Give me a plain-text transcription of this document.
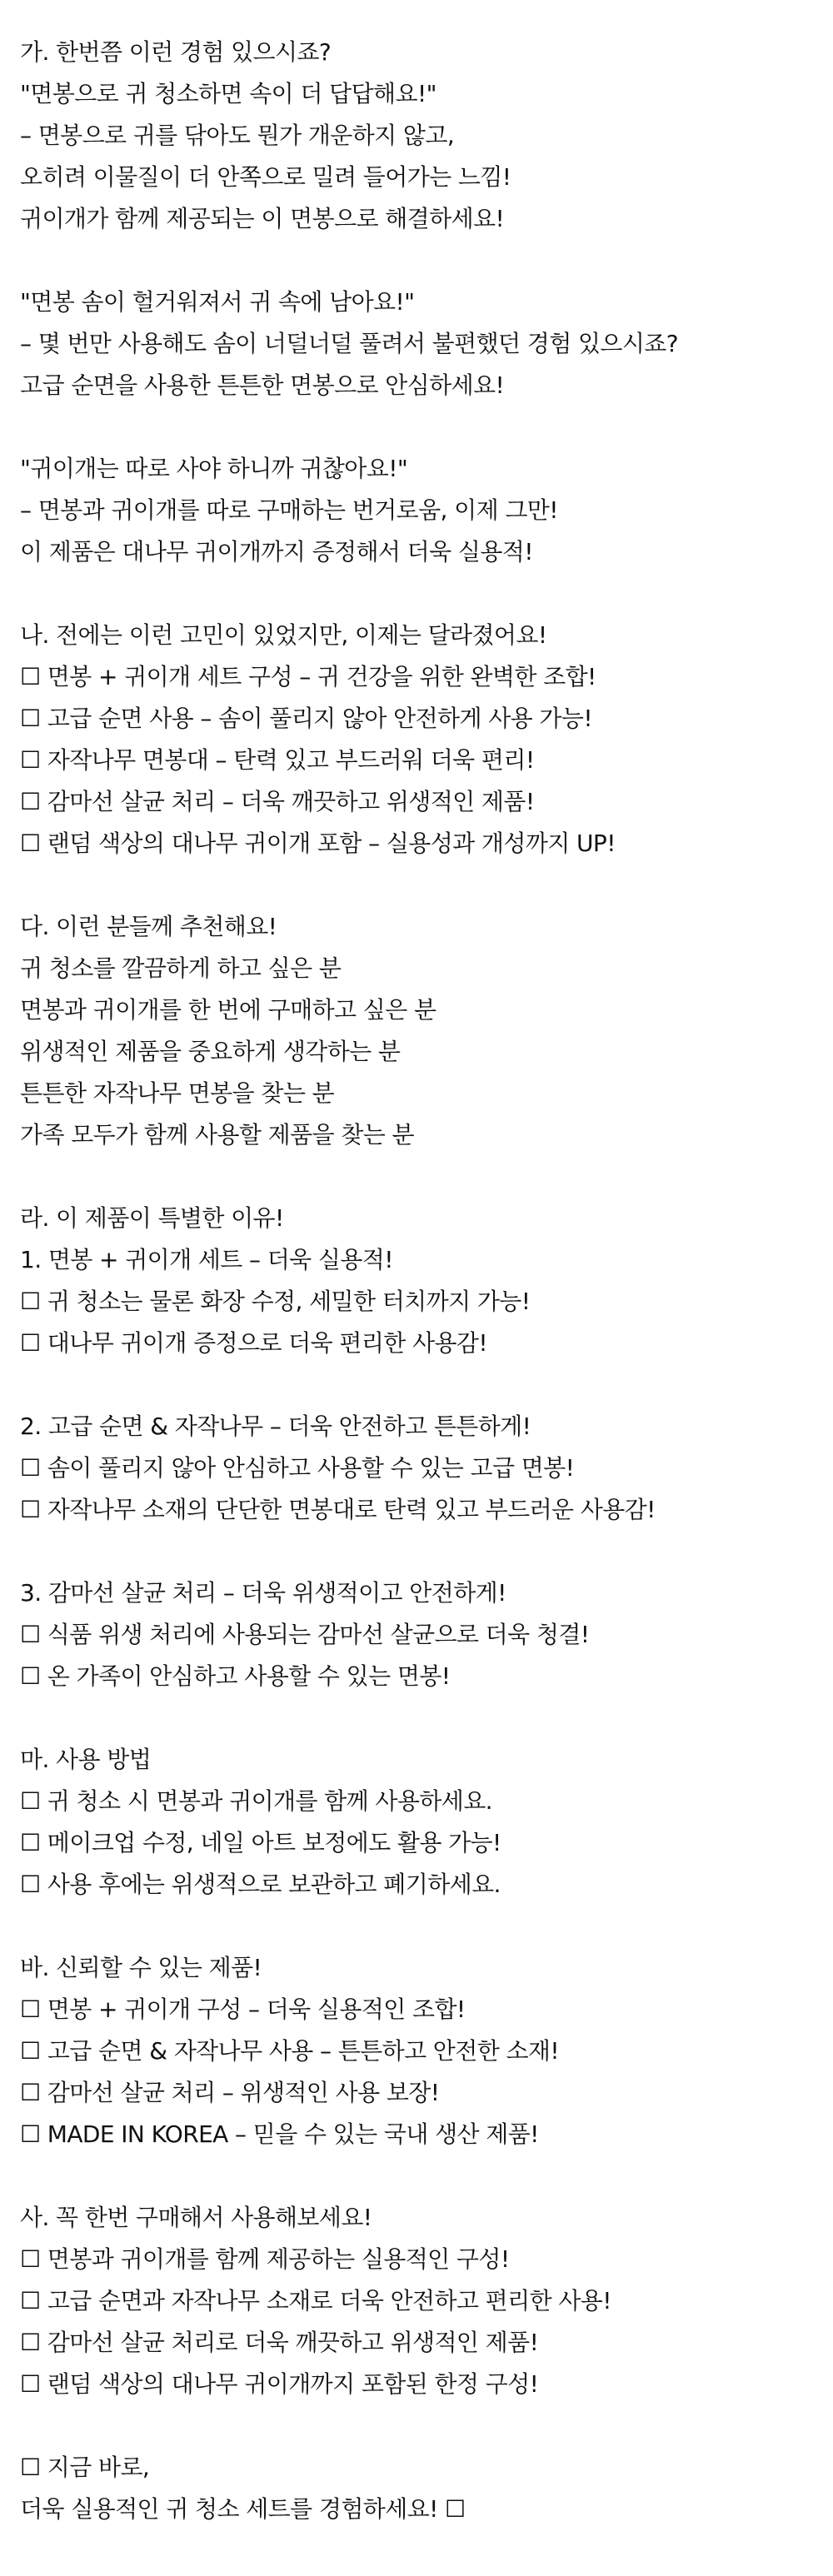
가. 한번쯤 이런 경험 있으시죠?
"면봉으로 귀 청소하면 속이 더 답답해요!"
– 면봉으로 귀를 닦아도 뭔가 개운하지 않고,
오히려 이물질이 더 안쪽으로 밀려 들어가는 느낌!
귀이개가 함께 제공되는 이 면봉으로 해결하세요!
"면봉 솜이 헐거워져서 귀 속에 남아요!"
– 몇 번만 사용해도 솜이 너덜너덜 풀려서 불편했던 경험 있으시죠?
고급 순면을 사용한 튼튼한 면봉으로 안심하세요!
"귀이개는 따로 사야 하니까 귀찮아요!"
– 면봉과 귀이개를 따로 구매하는 번거로움, 이제 그만!
이 제품은 대나무 귀이개까지 증정해서 더욱 실용적!
나. 전에는 이런 고민이 있었지만, 이제는 달라졌어요!
☐ 면봉 + 귀이개 세트 구성 – 귀 건강을 위한 완벽한 조합!
☐ 고급 순면 사용 – 솜이 풀리지 않아 안전하게 사용 가능!
☐ 자작나무 면봉대 – 탄력 있고 부드러워 더욱 편리!
☐ 감마선 살균 처리 – 더욱 깨끗하고 위생적인 제품!
☐ 랜덤 색상의 대나무 귀이개 포함 – 실용성과 개성까지 UP!
다. 이런 분들께 추천해요!
귀 청소를 깔끔하게 하고 싶은 분
면봉과 귀이개를 한 번에 구매하고 싶은 분
위생적인 제품을 중요하게 생각하는 분
튼튼한 자작나무 면봉을 찾는 분
가족 모두가 함께 사용할 제품을 찾는 분
라. 이 제품이 특별한 이유!
1. 면봉 + 귀이개 세트 – 더욱 실용적!
☐ 귀 청소는 물론 화장 수정, 세밀한 터치까지 가능!
☐ 대나무 귀이개 증정으로 더욱 편리한 사용감!
2. 고급 순면 & 자작나무 – 더욱 안전하고 튼튼하게!
☐ 솜이 풀리지 않아 안심하고 사용할 수 있는 고급 면봉!
☐ 자작나무 소재의 단단한 면봉대로 탄력 있고 부드러운 사용감!
3. 감마선 살균 처리 – 더욱 위생적이고 안전하게!
☐ 식품 위생 처리에 사용되는 감마선 살균으로 더욱 청결!
☐ 온 가족이 안심하고 사용할 수 있는 면봉!
마. 사용 방법
☐ 귀 청소 시 면봉과 귀이개를 함께 사용하세요.
☐ 메이크업 수정, 네일 아트 보정에도 활용 가능!
☐ 사용 후에는 위생적으로 보관하고 폐기하세요.
바. 신뢰할 수 있는 제품!
☐ 면봉 + 귀이개 구성 – 더욱 실용적인 조합!
☐ 고급 순면 & 자작나무 사용 – 튼튼하고 안전한 소재!
☐ 감마선 살균 처리 – 위생적인 사용 보장!
☐ MADE IN KOREA – 믿을 수 있는 국내 생산 제품!
사. 꼭 한번 구매해서 사용해보세요!
☐ 면봉과 귀이개를 함께 제공하는 실용적인 구성!
☐ 고급 순면과 자작나무 소재로 더욱 안전하고 편리한 사용!
☐ 감마선 살균 처리로 더욱 깨끗하고 위생적인 제품!
☐ 랜덤 색상의 대나무 귀이개까지 포함된 한정 구성!
☐ 지금 바로,
더욱 실용적인 귀 청소 세트를 경험하세요! ☐
